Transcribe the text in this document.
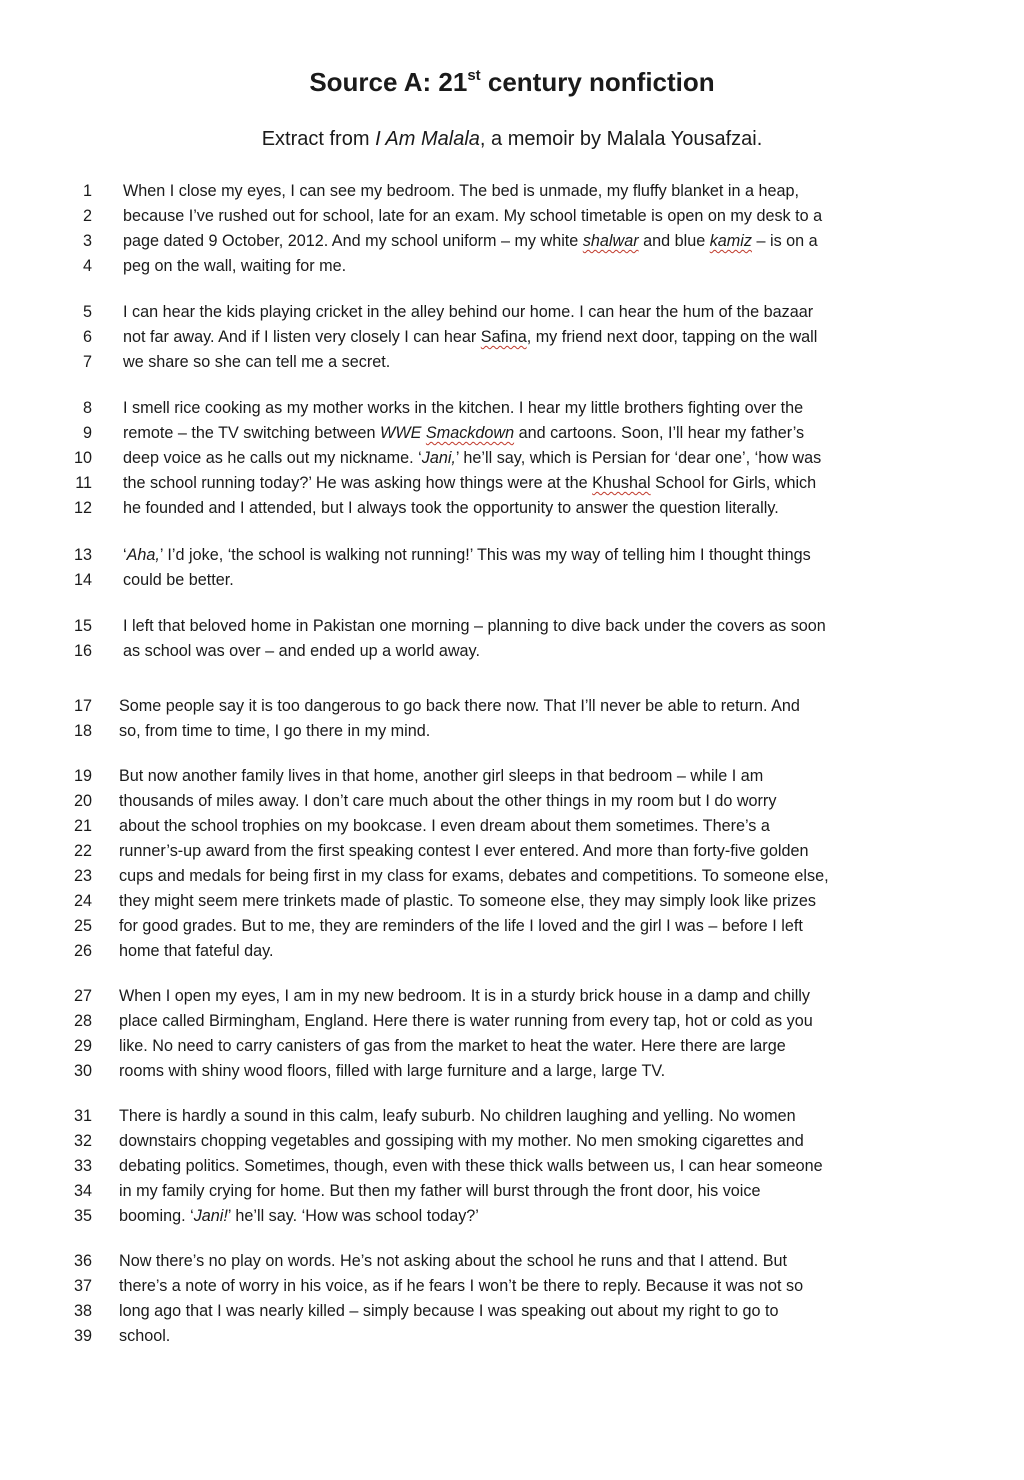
Source A: 21st century nonfiction
Extract from I Am Malala, a memoir by Malala Yousafzai.
1 When I close my eyes, I can see my bedroom. The bed is unmade, my fluffy blanket in a heap,
2 because I’ve rushed out for school, late for an exam. My school timetable is open on my desk to a
3 page dated 9 October, 2012. And my school uniform – my white shalwar and blue kamiz – is on a
4 peg on the wall, waiting for me.
5 I can hear the kids playing cricket in the alley behind our home. I can hear the hum of the bazaar
6 not far away. And if I listen very closely I can hear Safina, my friend next door, tapping on the wall
7 we share so she can tell me a secret.
8 I smell rice cooking as my mother works in the kitchen. I hear my little brothers fighting over the
9 remote – the TV switching between WWE Smackdown and cartoons. Soon, I’ll hear my father’s
10 deep voice as he calls out my nickname. ‘Jani,’ he’ll say, which is Persian for ‘dear one’, ‘how was
11 the school running today?’ He was asking how things were at the Khushal School for Girls, which
12 he founded and I attended, but I always took the opportunity to answer the question literally.
13 ‘Aha,’ I’d joke, ‘the school is walking not running!’ This was my way of telling him I thought things
14 could be better.
15 I left that beloved home in Pakistan one morning – planning to dive back under the covers as soon
16 as school was over – and ended up a world away.
17 Some people say it is too dangerous to go back there now. That I’ll never be able to return. And
18 so, from time to time, I go there in my mind.
19 But now another family lives in that home, another girl sleeps in that bedroom – while I am
20 thousands of miles away. I don’t care much about the other things in my room but I do worry
21 about the school trophies on my bookcase. I even dream about them sometimes. There’s a
22 runner’s-up award from the first speaking contest I ever entered. And more than forty-five golden
23 cups and medals for being first in my class for exams, debates and competitions. To someone else,
24 they might seem mere trinkets made of plastic. To someone else, they may simply look like prizes
25 for good grades. But to me, they are reminders of the life I loved and the girl I was – before I left
26 home that fateful day.
27 When I open my eyes, I am in my new bedroom. It is in a sturdy brick house in a damp and chilly
28 place called Birmingham, England. Here there is water running from every tap, hot or cold as you
29 like. No need to carry canisters of gas from the market to heat the water. Here there are large
30 rooms with shiny wood floors, filled with large furniture and a large, large TV.
31 There is hardly a sound in this calm, leafy suburb. No children laughing and yelling. No women
32 downstairs chopping vegetables and gossiping with my mother. No men smoking cigarettes and
33 debating politics. Sometimes, though, even with these thick walls between us, I can hear someone
34 in my family crying for home. But then my father will burst through the front door, his voice
35 booming. ‘Jani!’ he’ll say. ‘How was school today?’
36 Now there’s no play on words. He’s not asking about the school he runs and that I attend. But
37 there’s a note of worry in his voice, as if he fears I won’t be there to reply. Because it was not so
38 long ago that I was nearly killed – simply because I was speaking out about my right to go to
39 school.
